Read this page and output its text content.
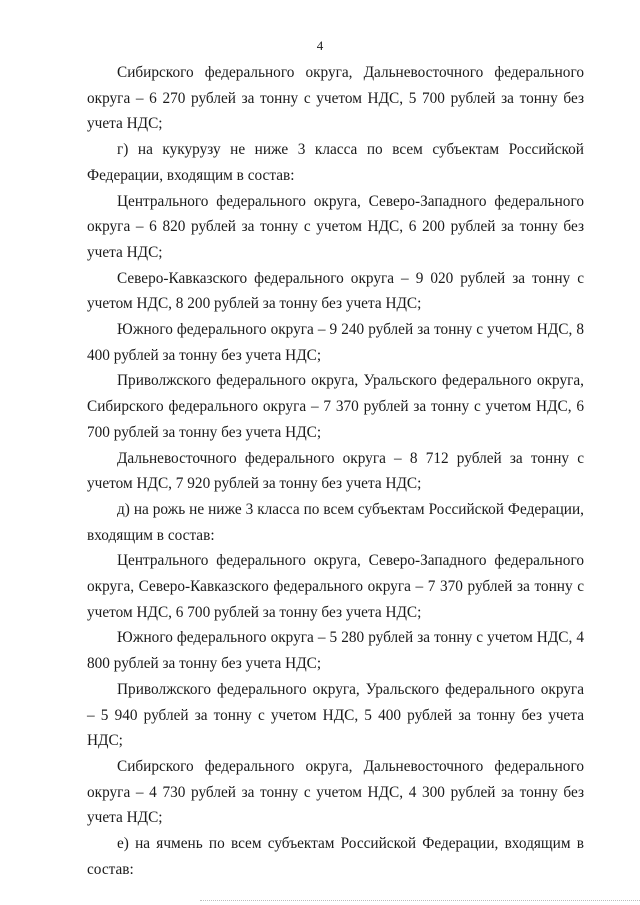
4

Сибирского федерального округа, Дальневосточного федерального округа – 6 270 рублей за тонну с учетом НДС, 5 700 рублей за тонну без учета НДС;

г) на кукурузу не ниже 3 класса по всем субъектам Российской Федерации, входящим в состав:

Центрального федерального округа, Северо-Западного федерального округа – 6 820 рублей за тонну с учетом НДС, 6 200 рублей за тонну без учета НДС;

Северо-Кавказского федерального округа – 9 020 рублей за тонну с учетом НДС, 8 200 рублей за тонну без учета НДС;

Южного федерального округа – 9 240 рублей за тонну с учетом НДС, 8 400 рублей за тонну без учета НДС;

Приволжского федерального округа, Уральского федерального округа, Сибирского федерального округа – 7 370 рублей за тонну с учетом НДС, 6 700 рублей за тонну без учета НДС;

Дальневосточного федерального округа – 8 712 рублей за тонну с учетом НДС, 7 920 рублей за тонну без учета НДС;

д) на рожь не ниже 3 класса по всем субъектам Российской Федерации, входящим в состав:

Центрального федерального округа, Северо-Западного федерального округа, Северо-Кавказского федерального округа – 7 370 рублей за тонну с учетом НДС, 6 700 рублей за тонну без учета НДС;

Южного федерального округа – 5 280 рублей за тонну с учетом НДС, 4 800 рублей за тонну без учета НДС;

Приволжского федерального округа, Уральского федерального округа – 5 940 рублей за тонну с учетом НДС, 5 400 рублей за тонну без учета НДС;

Сибирского федерального округа, Дальневосточного федерального округа – 4 730 рублей за тонну с учетом НДС, 4 300 рублей за тонну без учета НДС;

е) на ячмень по всем субъектам Российской Федерации, входящим в состав:
